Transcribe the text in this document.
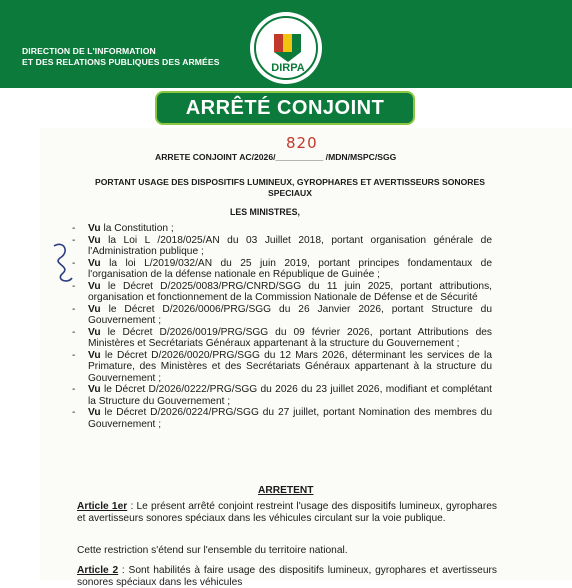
DIRECTION DE L'INFORMATION
ET DES RELATIONS PUBLIQUES DES ARMÉES	DIRPA
ARRÊTÉ CONJOINT
820
ARRETE CONJOINT AC/2026/__________ /MDN/MSPC/SGG
PORTANT USAGE DES DISPOSITIFS LUMINEUX, GYROPHARES ET AVERTISSEURS SONORES SPECIAUX
LES MINISTRES,

- Vu la Constitution ;

- Vu la Loi L /2018/025/AN du 03 Juillet 2018, portant organisation générale de l'Administration publique ;

- Vu la loi L/2019/032/AN du 25 juin 2019, portant principes fondamentaux de l'organisation de la défense nationale en République de Guinée ;

- Vu le Décret D/2025/0083/PRG/CNRD/SGG du 11 juin 2025, portant attributions, organisation et fonctionnement de la Commission Nationale de Défense et de Sécurité

- Vu le Décret D/2026/0006/PRG/SGG du 26 Janvier 2026, portant Structure du Gouvernement ;

- Vu le Décret D/2026/0019/PRG/SGG du 09 février 2026, portant Attributions des Ministères et Secrétariats Généraux appartenant à la structure du Gouvernement ;

- Vu le Décret D/2026/0020/PRG/SGG du 12 Mars 2026, déterminant les services de la Primature, des Ministères et des Secrétariats Généraux appartenant à la structure du Gouvernement ;

- Vu le Décret D/2026/0222/PRG/SGG du 2026 du 23 juillet 2026, modifiant et complétant la Structure du Gouvernement ;

- Vu le Décret D/2026/0224/PRG/SGG du 27 juillet, portant Nomination des membres du Gouvernement ;

ARRETENT
Article 1er : Le présent arrêté conjoint restreint l'usage des dispositifs lumineux, gyrophares et avertisseurs sonores spéciaux dans les véhicules circulant sur la voie publique.
Cette restriction s'étend sur l'ensemble du territoire national.
Article 2 : Sont habilités à faire usage des dispositifs lumineux, gyrophares et avertisseurs sonores spéciaux dans les véhicules
